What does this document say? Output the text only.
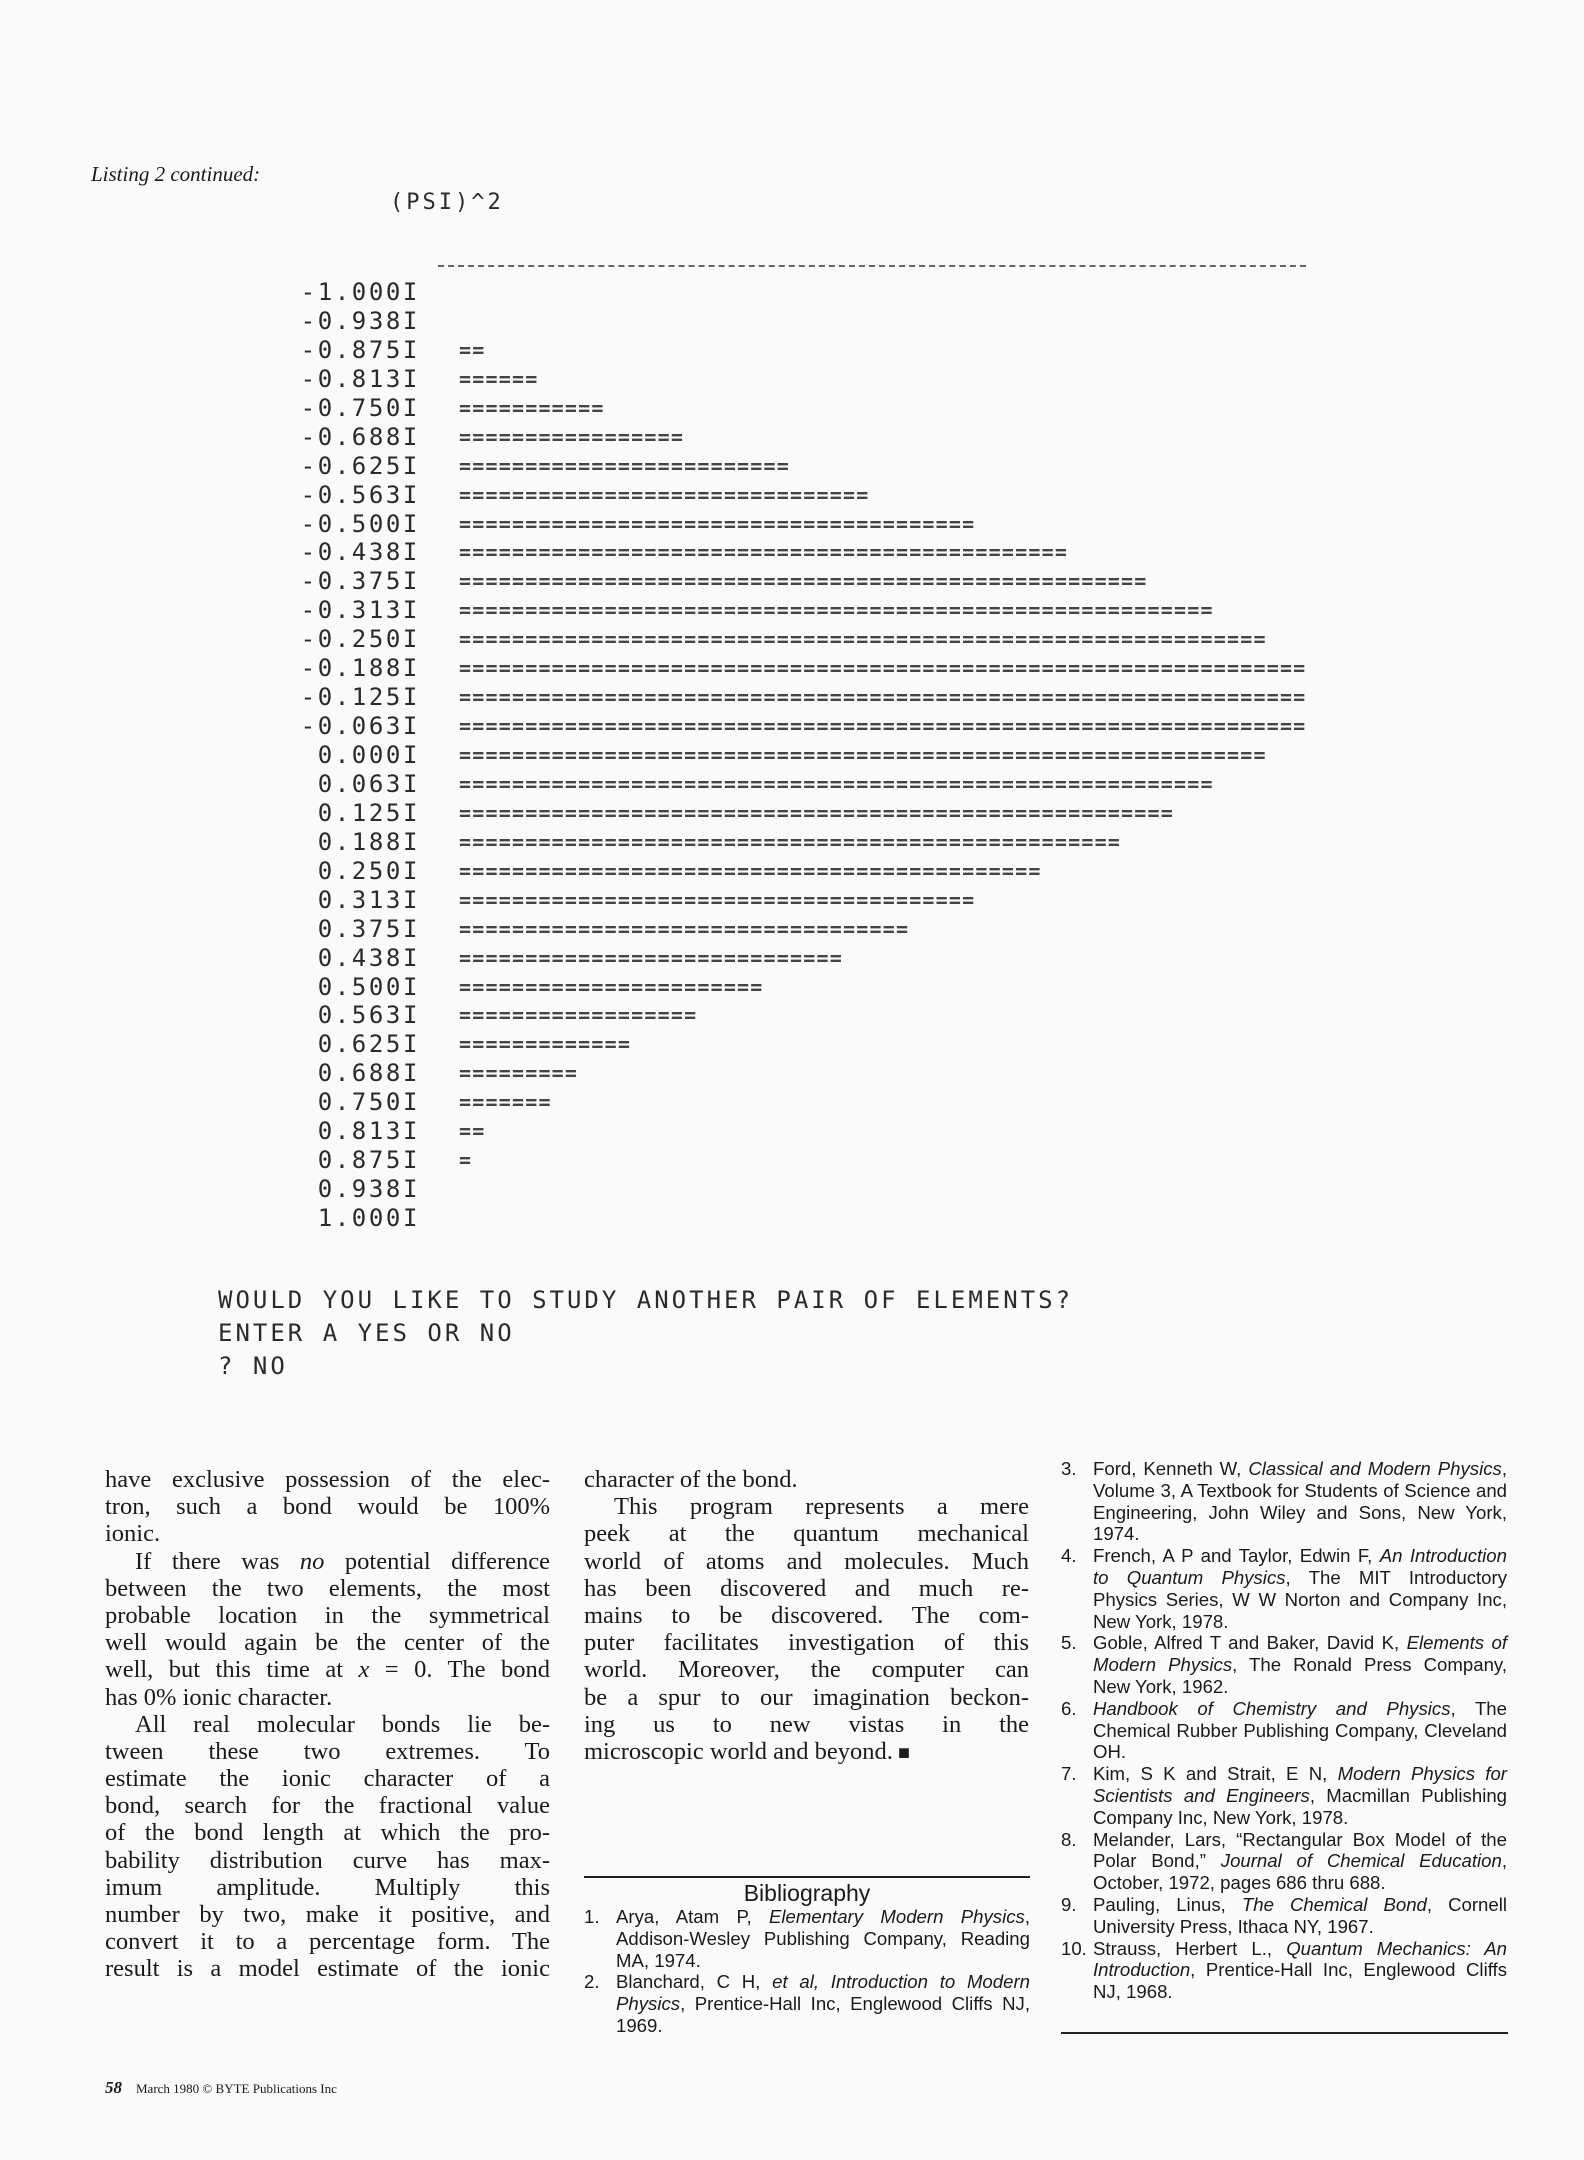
Listing 2 continued:
(PSI)^2
-1.000I
-0.938I
-0.875I ==
-0.813I ======
-0.750I ===========
-0.688I =================
-0.625I =========================
-0.563I ===============================
-0.500I =======================================
-0.438I ==============================================
-0.375I ====================================================
-0.313I =========================================================
-0.250I =============================================================
-0.188I ================================================================
-0.125I ================================================================
-0.063I ================================================================
0.000I =============================================================
0.063I =========================================================
0.125I ======================================================
0.188I ==================================================
0.250I ============================================
0.313I =======================================
0.375I ==================================
0.438I =============================
0.500I =======================
0.563I ==================
0.625I =============
0.688I =========
0.750I =======
0.813I ==
0.875I =
0.938I
1.000I
WOULD YOU LIKE TO STUDY ANOTHER PAIR OF ELEMENTS?
ENTER A YES OR NO
? NO
have exclusive possession of the elec-
tron, such a bond would be 100%
ionic.
If there was no potential difference
between the two elements, the most
probable location in the symmetrical
well would again be the center of the
well, but this time at x = 0. The bond
has 0% ionic character.
All real molecular bonds lie be-
tween these two extremes. To
estimate the ionic character of a
bond, search for the fractional value
of the bond length at which the pro-
bability distribution curve has max-
imum amplitude. Multiply this
number by two, make it positive, and
convert it to a percentage form. The
result is a model estimate of the ionic
character of the bond.
This program represents a mere
peek at the quantum mechanical
world of atoms and molecules. Much
has been discovered and much re-
mains to be discovered. The com-
puter facilitates investigation of this
world. Moreover, the computer can
be a spur to our imagination beckon-
ing us to new vistas in the
microscopic world and beyond. ■
Bibliography
1. Arya, Atam P, Elementary Modern Physics, Addison-Wesley Publishing Company, Reading MA, 1974.
2. Blanchard, C H, et al, Introduction to Modern Physics, Prentice-Hall Inc, Englewood Cliffs NJ, 1969.
3. Ford, Kenneth W, Classical and Modern Physics, Volume 3, A Textbook for Students of Science and Engineering, John Wiley and Sons, New York, 1974.
4. French, A P and Taylor, Edwin F, An Introduction to Quantum Physics, The MIT Introductory Physics Series, W W Norton and Company Inc, New York, 1978.
5. Goble, Alfred T and Baker, David K, Elements of Modern Physics, The Ronald Press Company, New York, 1962.
6. Handbook of Chemistry and Physics, The Chemical Rubber Publishing Company, Cleveland OH.
7. Kim, S K and Strait, E N, Modern Physics for Scientists and Engineers, Macmillan Publishing Company Inc, New York, 1978.
8. Melander, Lars, “Rectangular Box Model of the Polar Bond,” Journal of Chemical Education, October, 1972, pages 686 thru 688.
9. Pauling, Linus, The Chemical Bond, Cornell University Press, Ithaca NY, 1967.
10. Strauss, Herbert L., Quantum Mechanics: An Introduction, Prentice-Hall Inc, Englewood Cliffs NJ, 1968.
58 March 1980 © BYTE Publications Inc
